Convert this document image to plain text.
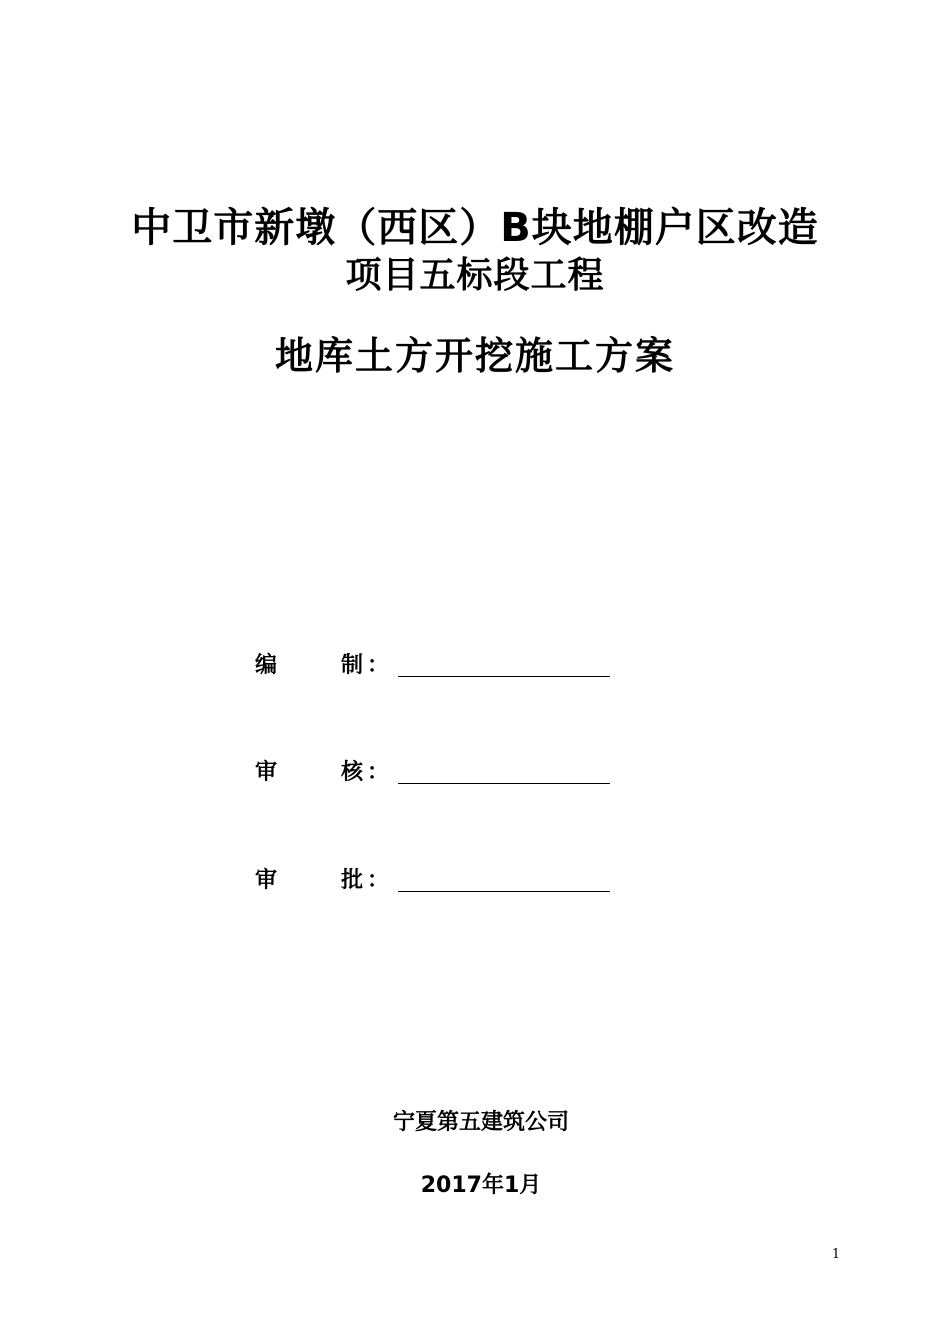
中卫市新墩（西区）B块地棚户区改造
项目五标段工程
地库土方开挖施工方案
编	制 ：
审	核 ：
审	批 ：
宁夏第五建筑公司
2017年1月
1
